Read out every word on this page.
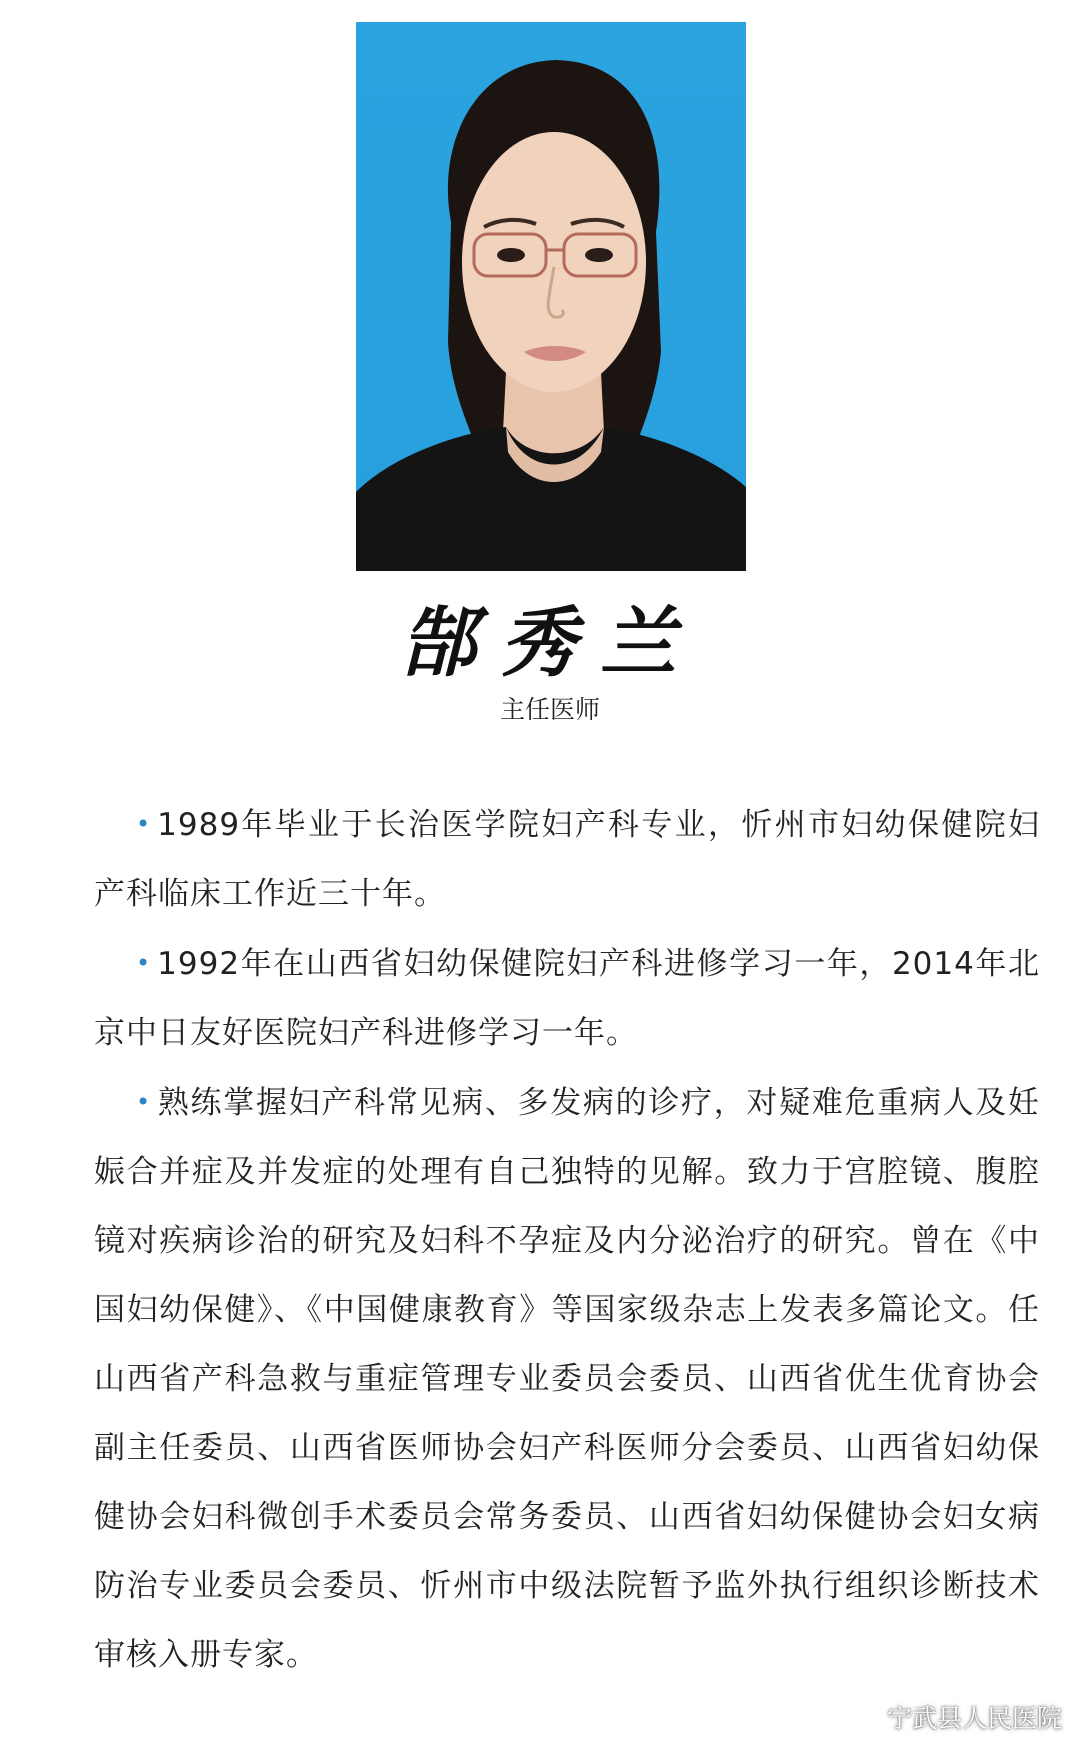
郜秀兰
主任医师

• 1989年毕业于长治医学院妇产科专业，忻州市妇幼保健院妇产科临床工作近三十年。

• 1992年在山西省妇幼保健院妇产科进修学习一年，2014年北京中日友好医院妇产科进修学习一年。

• 熟练掌握妇产科常见病、多发病的诊疗，对疑难危重病人及妊娠合并症及并发症的处理有自己独特的见解。致力于宫腔镜、腹腔镜对疾病诊治的研究及妇科不孕症及内分泌治疗的研究。曾在《中国妇幼保健》、《中国健康教育》等国家级杂志上发表多篇论文。任山西省产科急救与重症管理专业委员会委员、山西省优生优育协会副主任委员、山西省医师协会妇产科医师分会委员、山西省妇幼保健协会妇科微创手术委员会常务委员、山西省妇幼保健协会妇女病防治专业委员会委员、忻州市中级法院暂予监外执行组织诊断技术审核入册专家。

宁武县人民医院
